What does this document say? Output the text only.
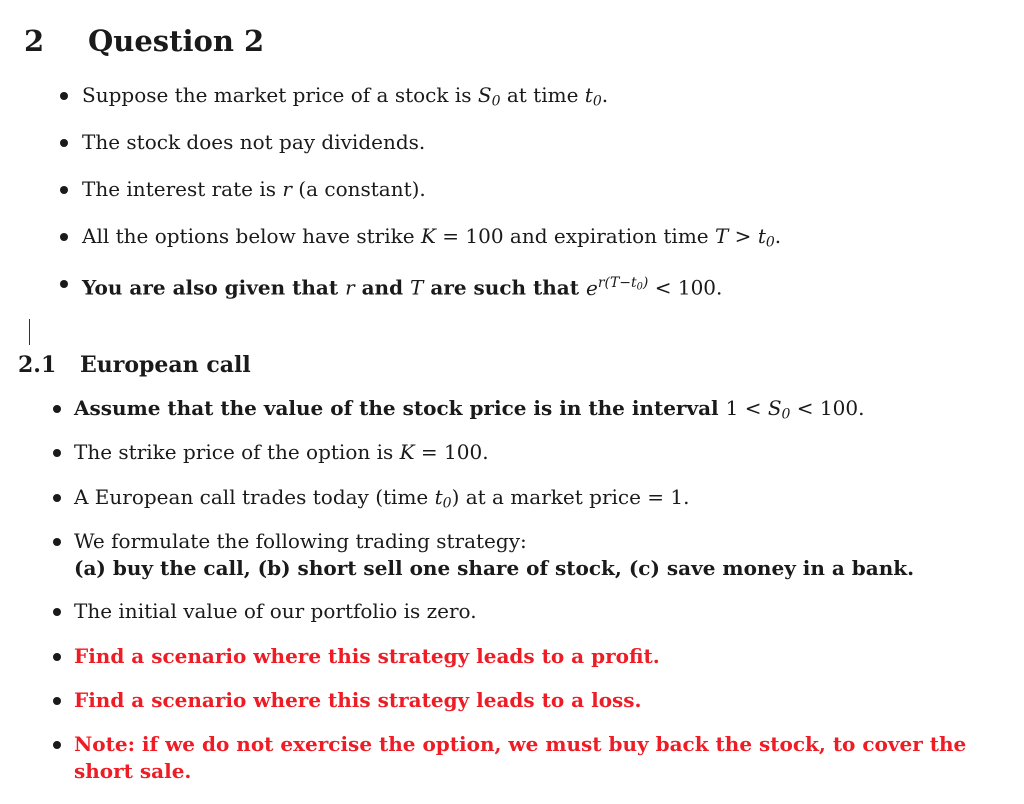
2 Question 2
Suppose the market price of a stock is $S_0$ at time $t_0$.
The stock does not pay dividends.
The interest rate is r (a constant).
All the options below have strike K = 100 and expiration time $T > t_0$.
You are also given that r and T are such that $e^{r(T-t_0)} < 100$.
2.1 European call
Assume that the value of the stock price is in the interval $1 < S_0 < 100$.
The strike price of the option is K = 100.
A European call trades today (time $t_0$) at a market price = 1.
We formulate the following trading strategy:
(a) buy the call, (b) short sell one share of stock, (c) save money in a bank.
The initial value of our portfolio is zero.
Find a scenario where this strategy leads to a profit.
Find a scenario where this strategy leads to a loss.
Note: if we do not exercise the option, we must buy back the stock, to cover the
short sale.
